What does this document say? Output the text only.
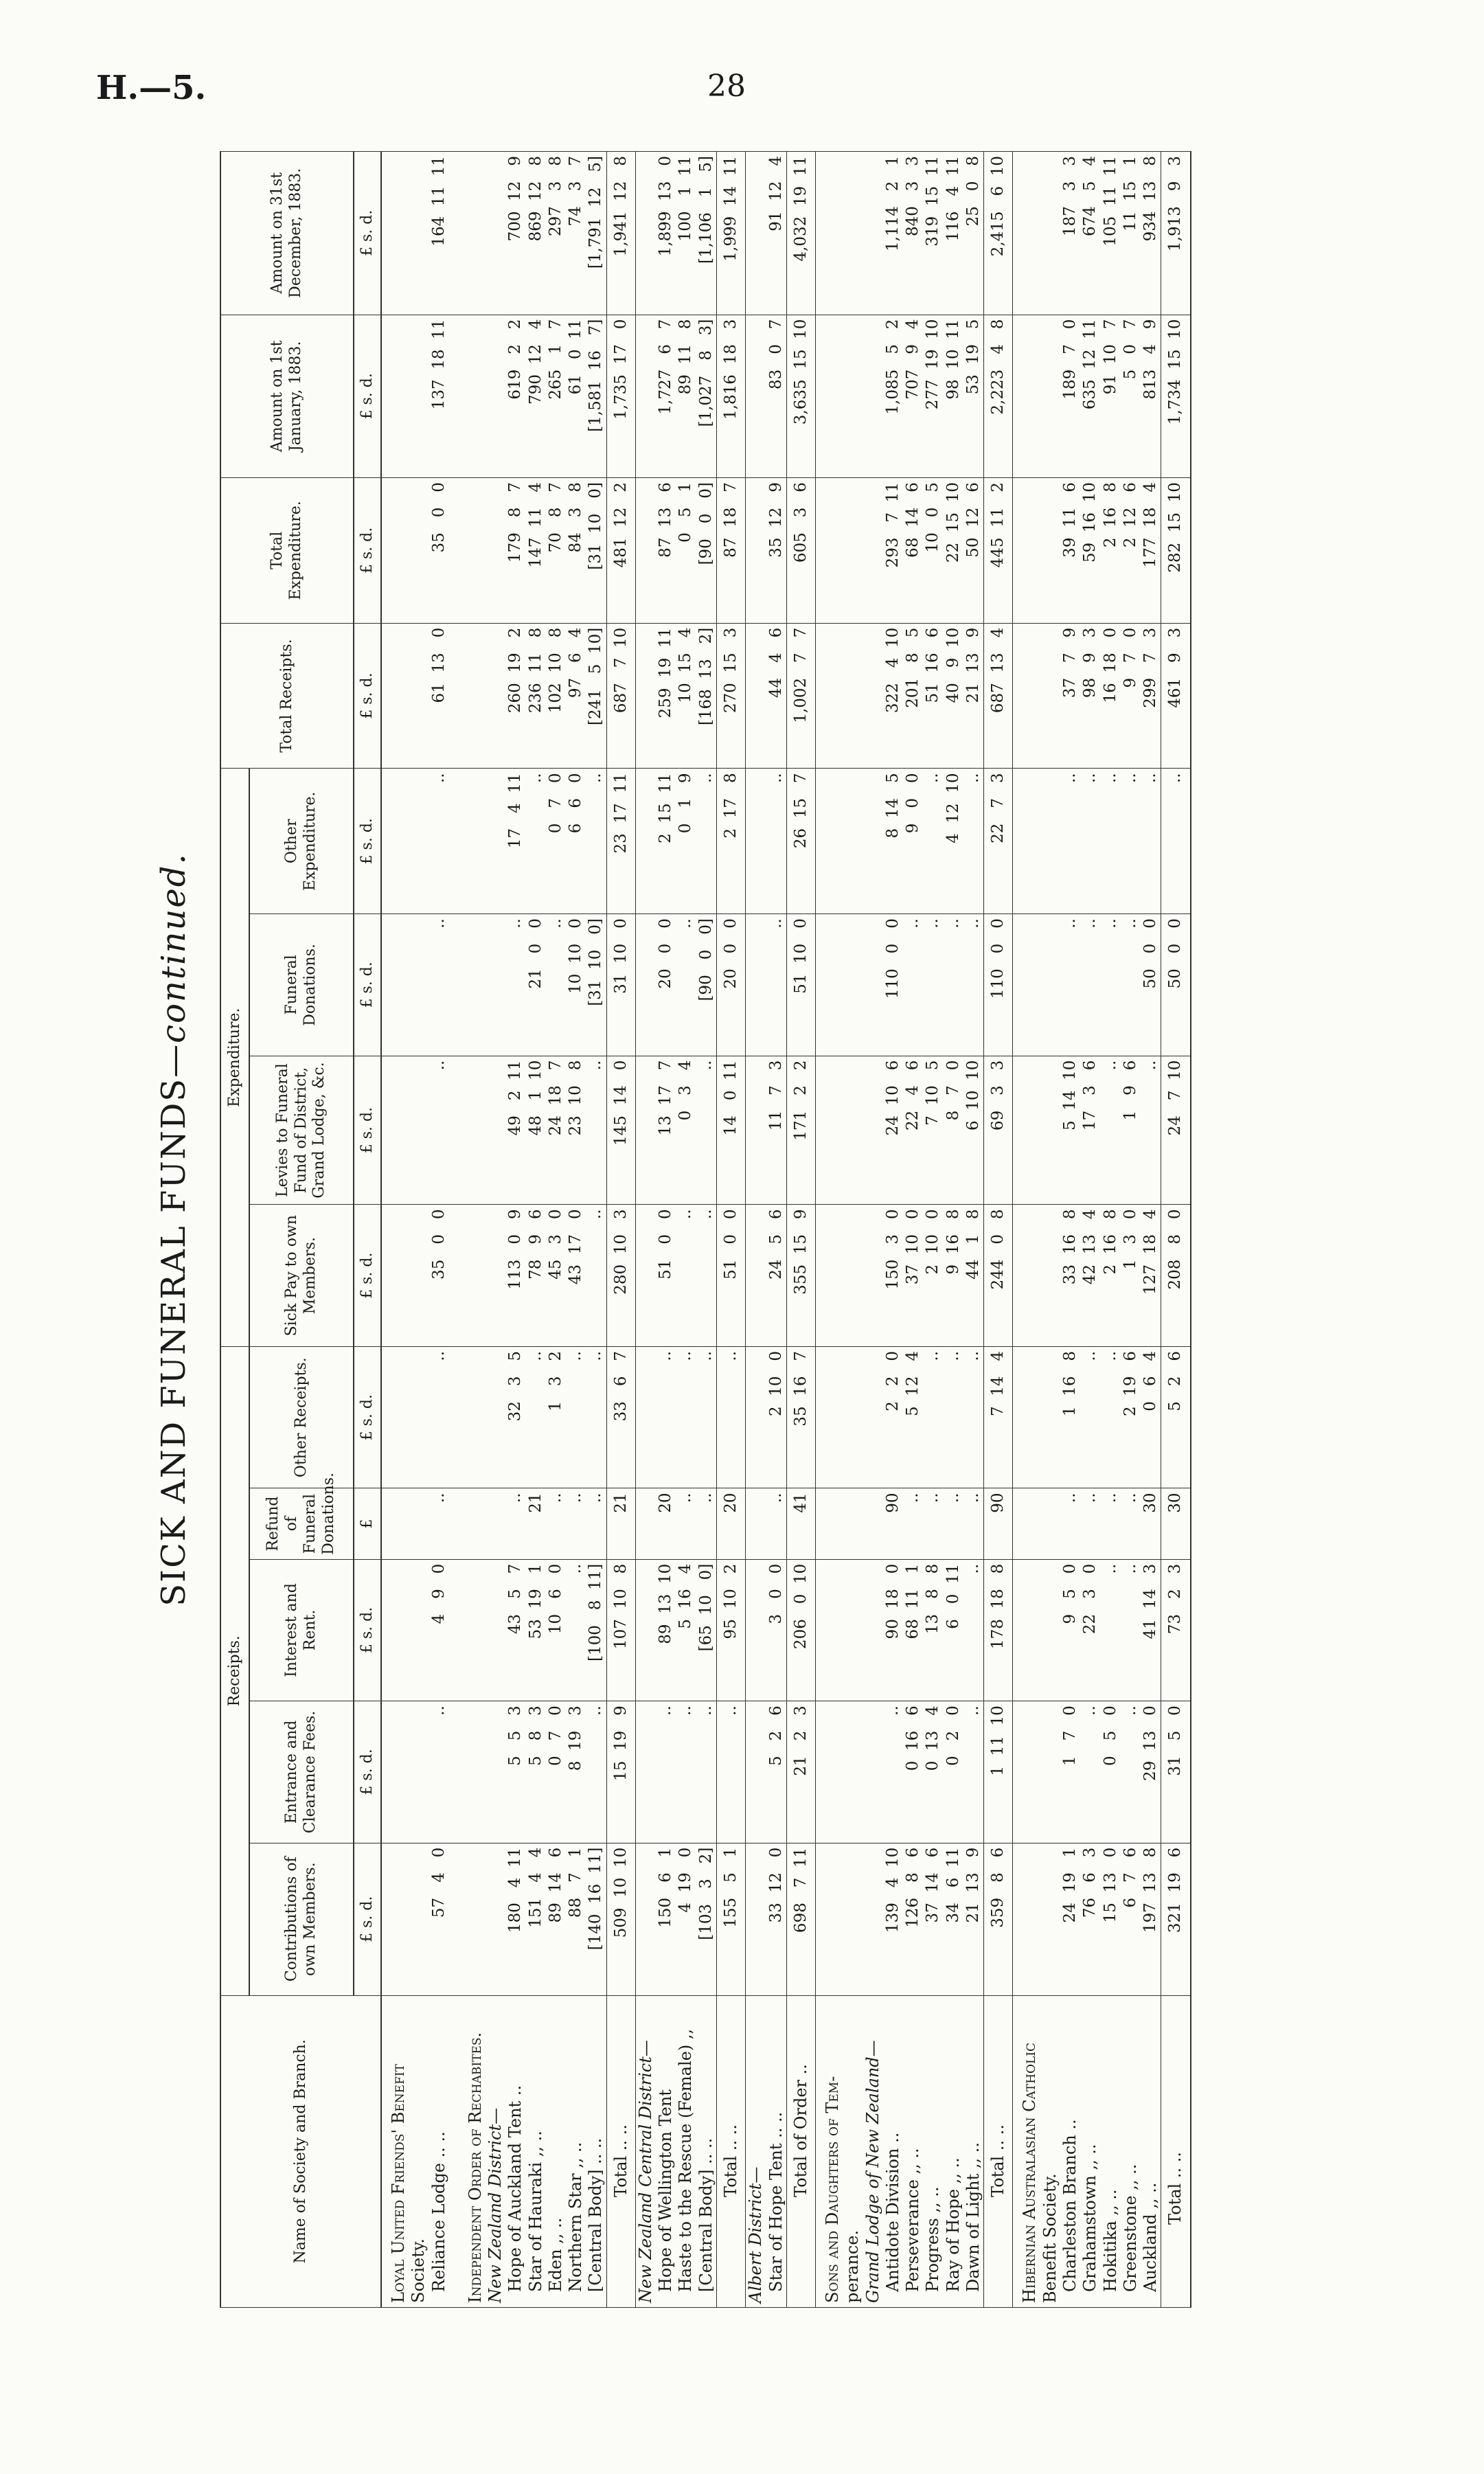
H.—5.	28
SICK AND FUNERAL FUNDS—continued.
Name of Society and Branch.	Receipts.					Expenditure.				Total Receipts.	Total Expenditure.	Amount on 1st January, 1883.	Amount on 31st December, 1883.
	Contributions of own Members.	Entrance and Clearance Fees.	Interest and Rent.	Refund of Funeral Donations.	Other Receipts.	Sick Pay to own Members.	Levies to Funeral Fund of District, Grand Lodge, &c.	Funeral Donations.	Other Expenditure.				
	£ s. d.	£ s. d.	£ s. d.	£	£ s. d.	£ s. d.	£ s. d.	£ s. d.	£ s. d.	£ s. d.	£ s. d.	£ s. d.	£ s. d.
Loyal United Friends' Benefit													
Society.													
Reliance Lodge .. ..	57   4   0	..	4   9   0	..	..	35   0   0	..	..	..	61  13   0	35   0   0	137  18  11	164  11  11

Independent Order of Rechabites.													
New Zealand District—													
Hope of Auckland Tent ..	180   4  11	5   5   3	43   5   7	..	32   3   5	113   0   9	49   2  11	..	17   4  11	260  19   2	179   8   7	619   2   2	700  12   9
Star of Hauraki ,, ..	151   4   4	5   8   3	53  19   1	21	..	78   9   6	48   1  10	21   0   0	..	236  11   8	147  11   4	790  12   4	869  12   8
Eden ,, ..	89  14   6	0   7   0	10   6   0	..	1   3   2	45   3   0	24  18   7	..	0   7   0	102  10   8	70   8   7	265   1   7	297   3   8
Northern Star ,, ..	88   7   1	8  19   3	..	..	..	43  17   0	23  10   8	10  10   0	6   6   0	97   6   4	84   3   8	61   0  11	74   3   7
[Central Body] .. ..	[140  16  11]	..	[100   8  11]	..	..	..	..	[31  10   0]	..	[241   5  10]	[31  10   0]	[1,581  16   7]	[1,791  12   5]
Total .. ..	509  10  10	15  19   9	107  10   8	21	33   6   7	280  10   3	145  14   0	31  10   0	23  17  11	687   7  10	481  12   2	1,735  17   0	1,941  12   8
New Zealand Central District—													
Hope of Wellington Tent	150   6   1	..	89  13  10	20	..	51   0   0	13  17   7	20   0   0	2  15  11	259  19  11	87  13   6	1,727   6   7	1,899  13   0
Haste to the Rescue (Female) ,,	4  19   0	..	5  16   4	..	..	..	0   3   4	..	0   1   9	10  15   4	0   5   1	89  11   8	100   1  11
[Central Body] .. ..	[103   3   2]	..	[65  10   0]	..	..	..	..	[90   0   0]	..	[168  13   2]	[90   0   0]	[1,027   8   3]	[1,106   1   5]
Total .. ..	155   5   1	..	95  10   2	20	..	51   0   0	14   0  11	20   0   0	2  17   8	270  15   3	87  18   7	1,816  18   3	1,999  14  11
Albert District—													
Star of Hope Tent .. ..	33  12   0	5   2   6	3   0   0	..	2  10   0	24   5   6	11   7   3	..	..	44   4   6	35  12   9	83   0   7	91  12   4
Total of Order ..	698   7  11	21   2   3	206   0  10	41	35  16   7	355  15   9	171   2   2	51  10   0	26  15   7	1,002   7   7	605   3   6	3,635  15  10	4,032  19  11
Sons and Daughters of Tem-													
perance.													
Grand Lodge of New Zealand—													
Antidote Division ..	139   4  10	..	90  18   0	90	2   2   0	150   3   0	24  10   6	110   0   0	8  14   5	322   4  10	293   7  11	1,085   5   2	1,114   2   1
Perseverance ,, ..	126   8   6	0  16   6	68  11   1	..	5  12   4	37  10   0	22   4   6	..	9   0   0	201   8   5	68  14   6	707   9   4	840   3   3
Progress ,, ..	37  14   6	0  13   4	13   8   8	..	..	2  10   0	7  10   5	..	..	51  16   6	10   0   5	277  19  10	319  15  11
Ray of Hope ,, ..	34   6  11	0   2   0	6   0  11	..	..	9  16   8	8   7   0	..	4  12  10	40   9  10	22  15  10	98  10  11	116   4  11
Dawn of Light ,, ..	21  13   9	..	..	..	..	44   1   8	6  10  10	..	..	21  13   9	50  12   6	53  19   5	25   0   8
Total .. ..	359   8   6	1  11  10	178  18   8	90	7  14   4	244   0   8	69   3   3	110   0   0	22   7   3	687  13   4	445  11   2	2,223   4   8	2,415   6  10
Hibernian Australasian Catholic													
Benefit Society.													
Charleston Branch ..	24  19   1	1   7   0	9   5   0	..	1  16   8	33  16   8	5  14  10	..	..	37   7   9	39  11   6	189   7   0	187   3   3
Grahamstown ,, ..	76   6   3	..	22   3   0	..	..	42  13   4	17   3   6	..	..	98   9   3	59  16  10	635  12  11	674   5   4
Hokitika ,, ..	15  13   0	0   5   0	..	..	..	2  16   8	..	..	..	16  18   0	2  16   8	91  10   7	105  11  11
Greenstone ,, ..	6   7   6	..	..	..	2  19   6	1   3   0	1   9   6	..	..	9   7   0	2  12   6	5   0   7	11  15   1
Auckland ,, ..	197  13   8	29  13   0	41  14   3	30	0   6   4	127  18   4	..	50   0   0	..	299   7   3	177  18   4	813   4   9	934  13   8
Total .. ..	321  19   6	31   5   0	73   2   3	30	5   2   6	208   8   0	24   7  10	50   0   0	..	461   9   3	282  15  10	1,734  15  10	1,913   9   3
